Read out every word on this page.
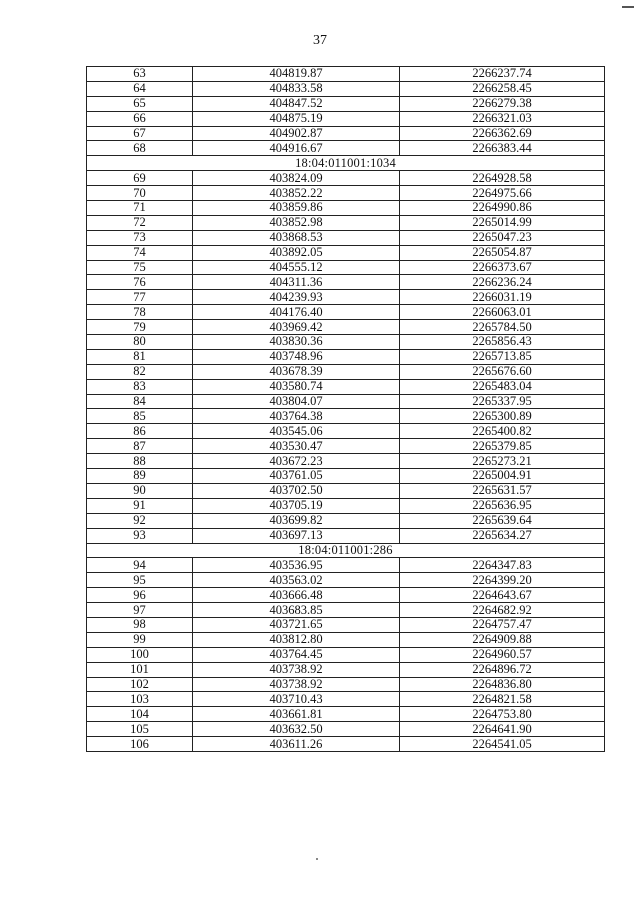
37
63	404819.87	2266237.74
64	404833.58	2266258.45
65	404847.52	2266279.38
66	404875.19	2266321.03
67	404902.87	2266362.69
68	404916.67	2266383.44
18:04:011001:1034		
69	403824.09	2264928.58
70	403852.22	2264975.66
71	403859.86	2264990.86
72	403852.98	2265014.99
73	403868.53	2265047.23
74	403892.05	2265054.87
75	404555.12	2266373.67
76	404311.36	2266236.24
77	404239.93	2266031.19
78	404176.40	2266063.01
79	403969.42	2265784.50
80	403830.36	2265856.43
81	403748.96	2265713.85
82	403678.39	2265676.60
83	403580.74	2265483.04
84	403804.07	2265337.95
85	403764.38	2265300.89
86	403545.06	2265400.82
87	403530.47	2265379.85
88	403672.23	2265273.21
89	403761.05	2265004.91
90	403702.50	2265631.57
91	403705.19	2265636.95
92	403699.82	2265639.64
93	403697.13	2265634.27
18:04:011001:286		
94	403536.95	2264347.83
95	403563.02	2264399.20
96	403666.48	2264643.67
97	403683.85	2264682.92
98	403721.65	2264757.47
99	403812.80	2264909.88
100	403764.45	2264960.57
101	403738.92	2264896.72
102	403738.92	2264836.80
103	403710.43	2264821.58
104	403661.81	2264753.80
105	403632.50	2264641.90
106	403611.26	2264541.05
